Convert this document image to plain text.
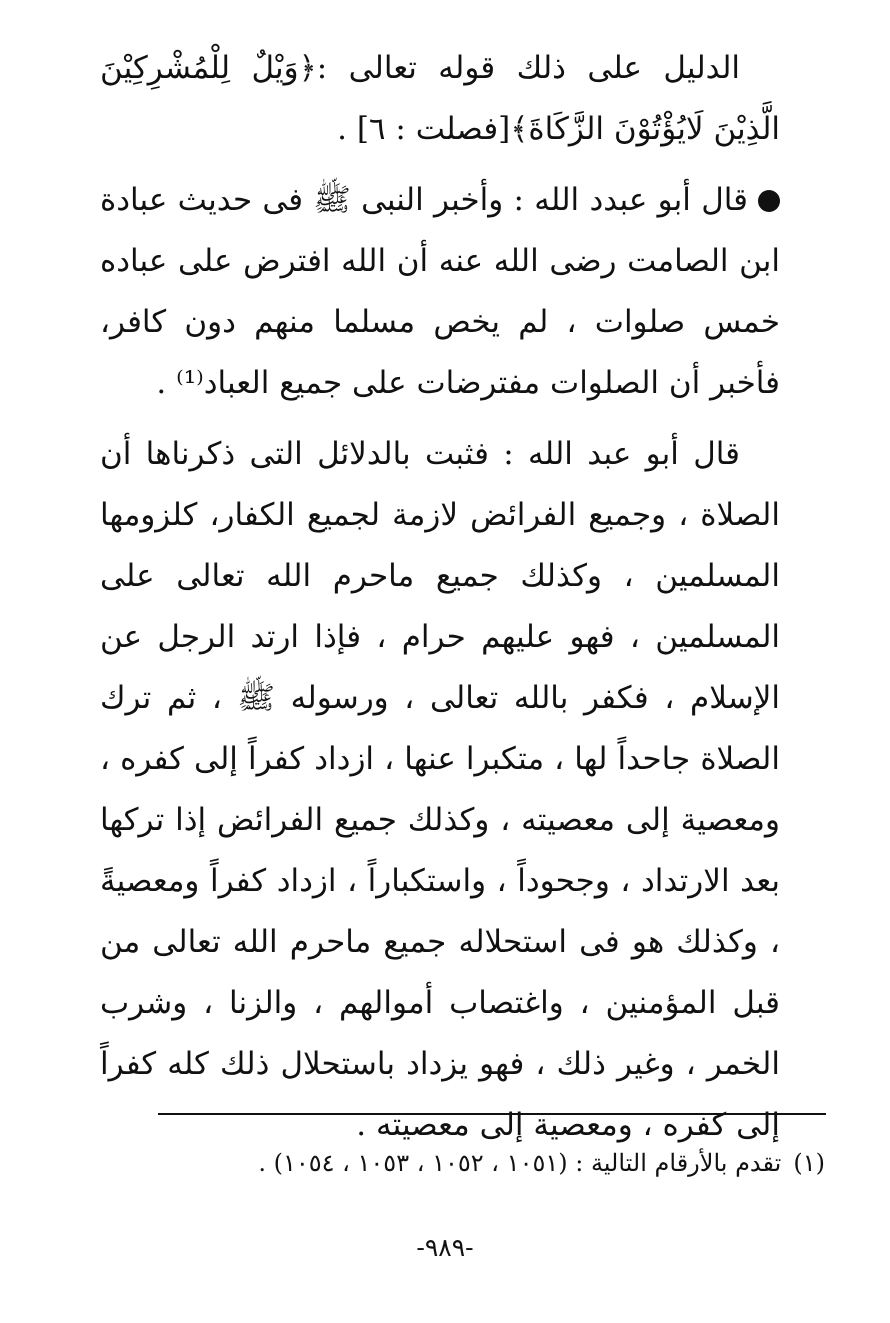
الدليل على ذلك قوله تعالى :﴿وَيْلٌ لِلْمُشْرِكِيْنَ الَّذِيْنَ لَايُؤْتُوْنَ الزَّكَاةَ﴾[فصلت : ٦] .

قال أبو عبدد الله : وأخبر النبى ﷺ فى حديث عبادة ابن الصامت رضى الله عنه أن الله افترض على عباده خمس صلوات ، لم يخص مسلما منهم دون كافر، فأخبر أن الصلوات مفترضات على جميع العباد⁽¹⁾ .

قال أبو عبد الله : فثبت بالدلائل التى ذكرناها أن الصلاة ، وجميع الفرائض لازمة لجميع الكفار، كلزومها المسلمين ، وكذلك جميع ماحرم الله تعالى على المسلمين ، فهو عليهم حرام ، فإذا ارتد الرجل عن الإسلام ، فكفر بالله تعالى ، ورسوله ﷺ ، ثم ترك الصلاة جاحداً لها ، متكبرا عنها ، ازداد كفراً إلى كفره ، ومعصية إلى معصيته ، وكذلك جميع الفرائض إذا تركها بعد الارتداد ، وجحوداً ، واستكباراً ، ازداد كفراً ومعصيةً ، وكذلك هو فى استحلاله جميع ماحرم الله تعالى من قبل المؤمنين ، واغتصاب أموالهم ، والزنا ، وشرب الخمر ، وغير ذلك ، فهو يزداد باستحلال ذلك كله كفراً إلى كفره ، ومعصية إلى معصيته .

(١)تقدم بالأرقام التالية : (١٠٥١ ، ١٠٥٢ ، ١٠٥٣ ، ١٠٥٤) .
-٩٨٩-
